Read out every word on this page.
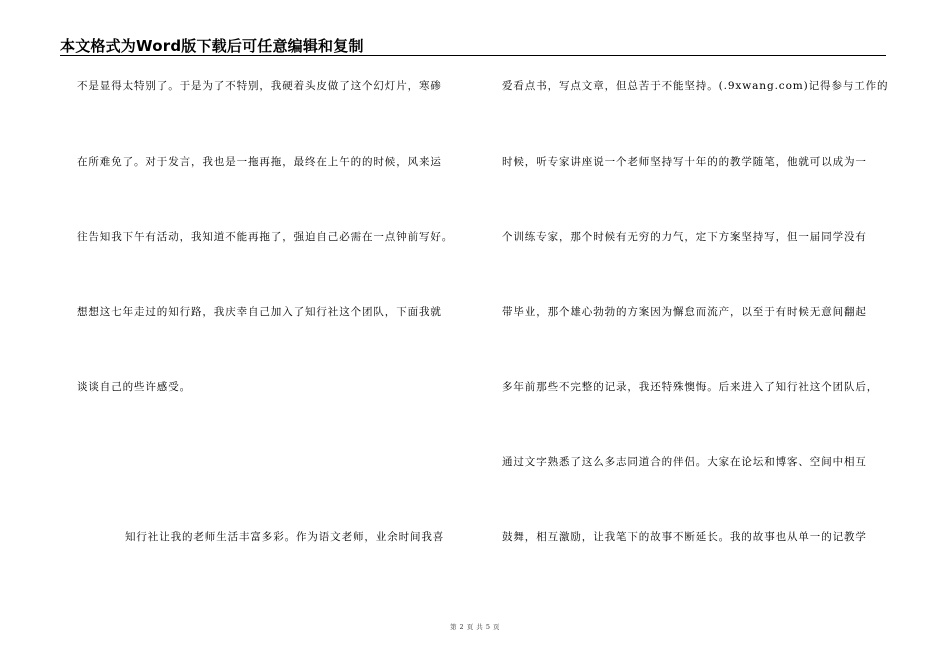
本文格式为Word版下载后可任意编辑和复制
不是显得太特别了。于是为了不特别，我硬着头皮做了这个幻灯片，寒碜
在所难免了。对于发言，我也是一拖再拖，最终在上午的的时候，风来运
往告知我下午有活动，我知道不能再拖了，强迫自己必需在一点钟前写好。
想想这七年走过的知行路，我庆幸自己加入了知行社这个团队，下面我就
谈谈自己的些许感受。
知行社让我的老师生活丰富多彩。作为语文老师，业余时间我喜
爱看点书，写点文章，但总苦于不能坚持。(.9xwang.com)记得参与工作的
时候，听专家讲座说一个老师坚持写十年的的教学随笔，他就可以成为一
个训练专家，那个时候有无穷的力气，定下方案坚持写，但一届同学没有
带毕业，那个雄心勃勃的方案因为懈怠而流产，以至于有时候无意间翻起
多年前那些不完整的记录，我还特殊懊悔。后来进入了知行社这个团队后，
通过文字熟悉了这么多志同道合的伴侣。大家在论坛和博客、空间中相互
鼓舞，相互激励，让我笔下的故事不断延长。我的故事也从单一的记教学
第 2 页 共 5 页
